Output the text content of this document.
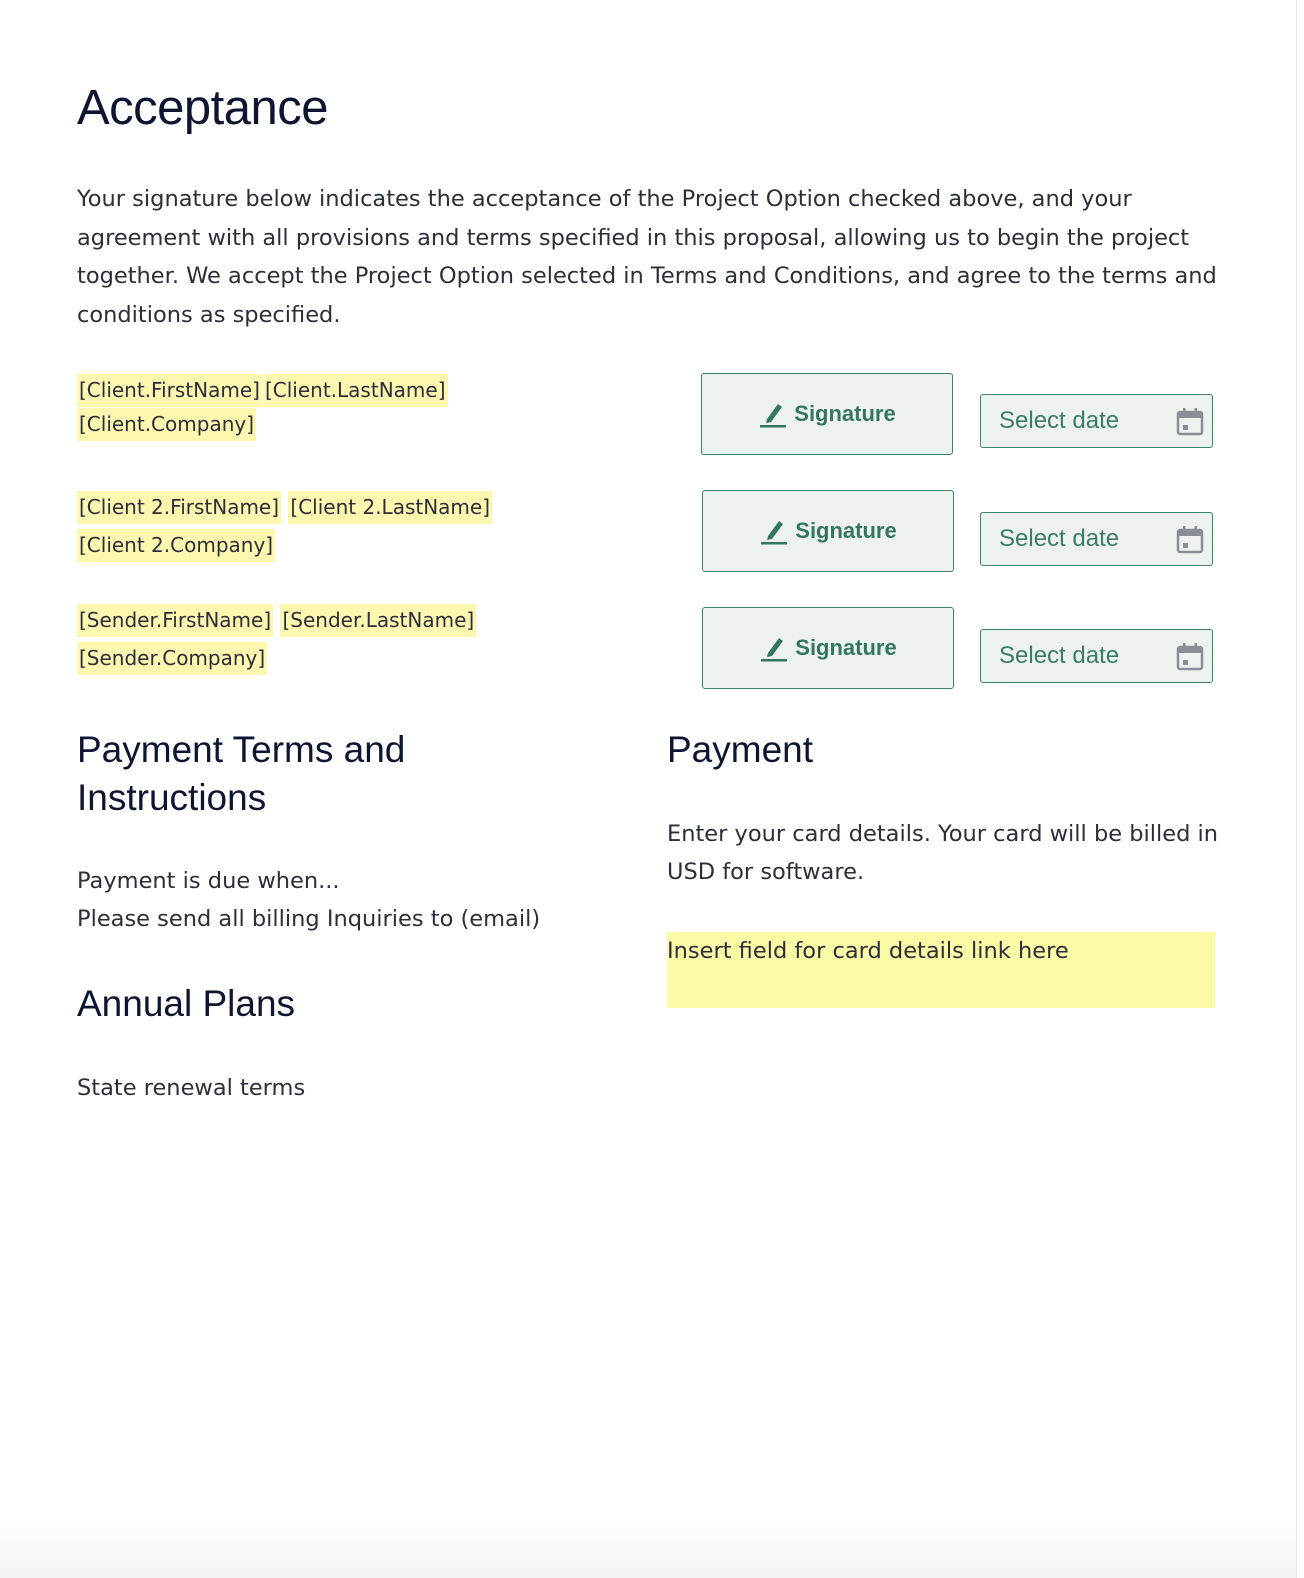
Acceptance

Your signature below indicates the acceptance of the Project Option checked above, and your agreement with all provisions and terms specified in this proposal, allowing us to begin the project together. We accept the Project Option selected in Terms and Conditions, and agree to the terms and conditions as specified.

[Client.FirstName] [Client.LastName]
[Client.Company]
[Client 2.FirstName] [Client 2.LastName]
[Client 2.Company]
[Sender.FirstName] [Sender.LastName]
[Sender.Company]
Signature
Signature
Signature
Select date
Select date
Select date
Payment Terms and Instructions

Payment is due when...

Please send all billing Inquiries to (email)

Annual Plans

State renewal terms

Payment

Enter your card details. Your card will be billed in USD for software.

Insert field for card details link here
